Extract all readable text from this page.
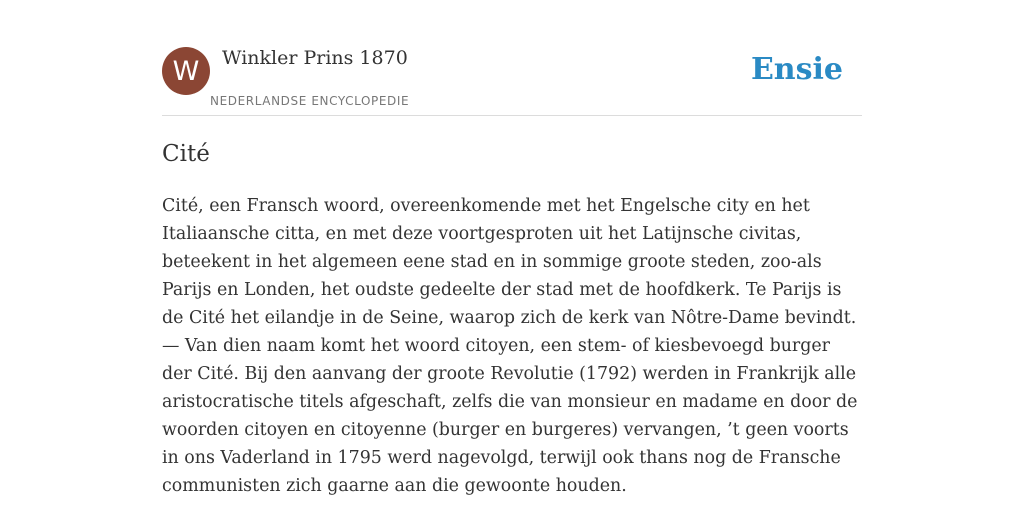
W Winkler Prins 1870
NEDERLANDSE ENCYCLOPEDIE
Ensie
Cité

Cité, een Fransch woord, overeenkomende met het Engelsche city en het Italiaansche citta, en met deze voortgesproten uit het Latijnsche civitas, beteekent in het algemeen eene stad en in sommige groote steden, zoo-als Parijs en Londen, het oudste gedeelte der stad met de hoofdkerk. Te Parijs is de Cité het eilandje in de Seine, waarop zich de kerk van Nôtre-Dame bevindt. — Van dien naam komt het woord citoyen, een stem- of kiesbevoegd burger der Cité. Bij den aanvang der groote Revolutie (1792) werden in Frankrijk alle aristocratische titels afgeschaft, zelfs die van monsieur en madame en door de woorden citoyen en citoyenne (burger en burgeres) vervangen, ’t geen voorts in ons Vaderland in 1795 werd nagevolgd, terwijl ook thans nog de Fransche communisten zich gaarne aan die gewoonte houden.
